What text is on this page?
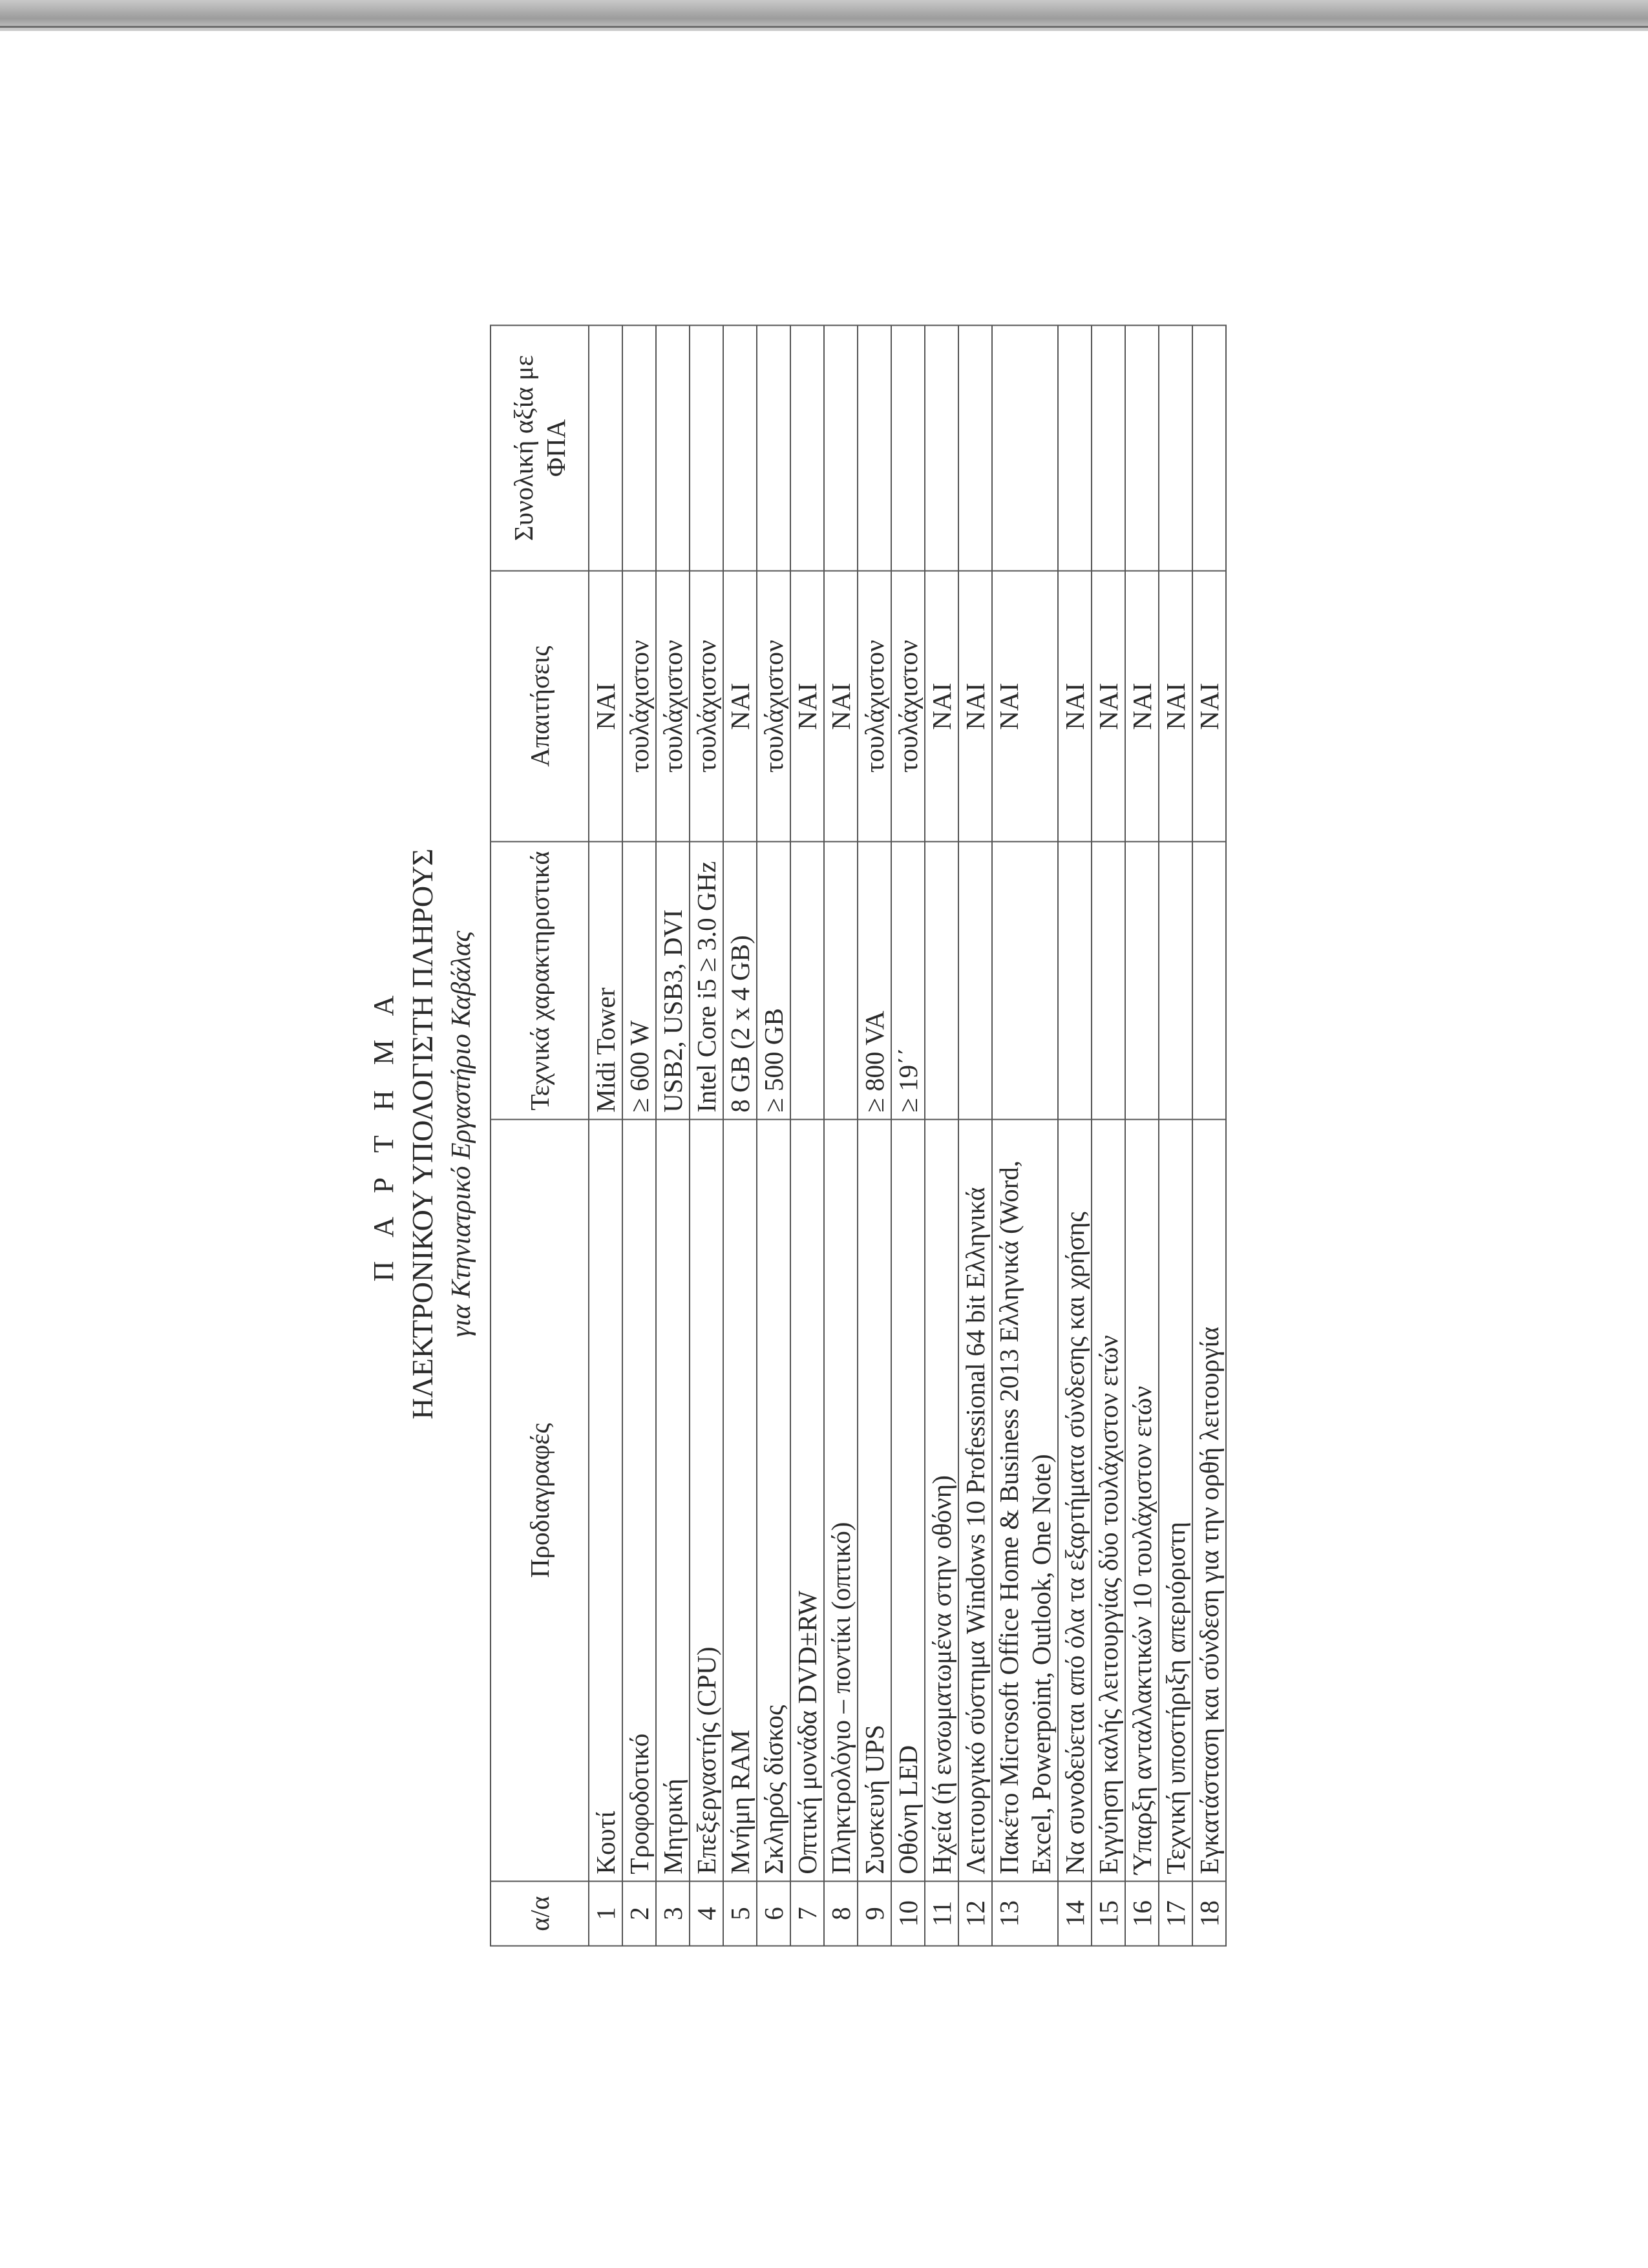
Π Α Ρ Τ Η Μ Α ΗΛΕΚΤΡΟΝΙΚΟΥ ΥΠΟΛΟΓΙΣΤΗ ΠΛΗΡΟΥΣ για Κτηνιατρικό Εργαστήριο Καβάλας
α/α	Προδιαγραφές	Τεχνικά χαρακτηριστικά	Απαιτήσεις	Συνολική αξία με ΦΠΑ
1	Κουτί	Midi Tower	ΝΑΙ	
2	Τροφοδοτικό	≥ 600 W	τουλάχιστον	
3	Μητρική	USB2, USB3, DVI	τουλάχιστον	
4	Επεξεργαστής (CPU)	Intel Core i5 ≥ 3.0 GHz	τουλάχιστον	
5	Μνήμη RAM	8 GB (2 x 4 GB)	ΝΑΙ	
6	Σκληρός δίσκος	≥ 500 GB	τουλάχιστον	
7	Οπτική μονάδα DVD±RW		ΝΑΙ	
8	Πληκτρολόγιο – ποντίκι (οπτικό)		ΝΑΙ	
9	Συσκευή UPS	≥ 800 VA	τουλάχιστον	
10	Οθόνη LED	≥ 19΄΄	τουλάχιστον	
11	Ηχεία (ή ενσωματωμένα στην οθόνη)		ΝΑΙ	
12	Λειτουργικό σύστημα Windows 10 Professional 64 bit Ελληνικά		ΝΑΙ	
13	Πακέτο Microsoft Office Home & Business 2013 Ελληνικά (Word, Excel, Powerpoint, Outlook, One Note)		ΝΑΙ	
14	Να συνοδεύεται από όλα τα εξαρτήματα σύνδεσης και χρήσης		ΝΑΙ	
15	Εγγύηση καλής λειτουργίας δύο τουλάχιστον ετών		ΝΑΙ	
16	Ύπαρξη ανταλλακτικών 10 τουλάχιστον ετών		ΝΑΙ	
17	Τεχνική υποστήριξη απεριόριστη		ΝΑΙ	
18	Εγκατάσταση και σύνδεση για την ορθή λειτουργία		ΝΑΙ	
